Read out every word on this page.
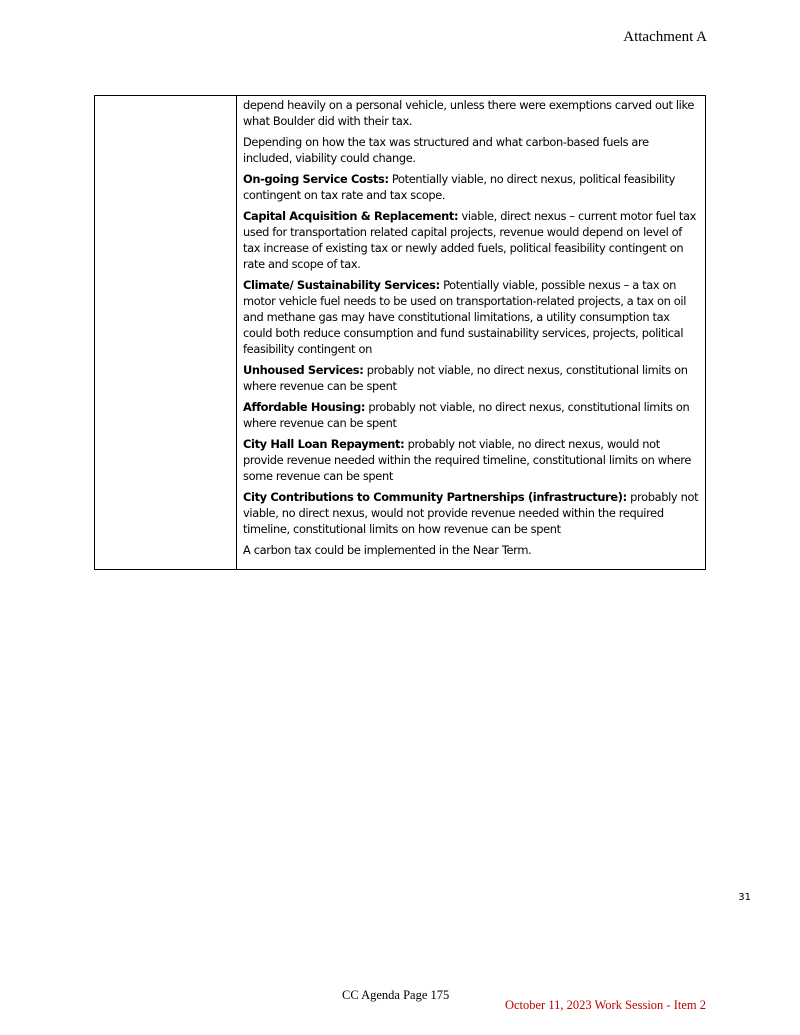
Attachment A

depend heavily on a personal vehicle, unless there were exemptions carved out like what Boulder did with their tax.

Depending on how the tax was structured and what carbon-based fuels are included, viability could change.

On-going Service Costs: Potentially viable, no direct nexus, political feasibility contingent on tax rate and tax scope.

Capital Acquisition & Replacement: viable, direct nexus – current motor fuel tax used for transportation related capital projects, revenue would depend on level of tax increase of existing tax or newly added fuels, political feasibility contingent on rate and scope of tax.

Climate/ Sustainability Services: Potentially viable, possible nexus – a tax on motor vehicle fuel needs to be used on transportation-related projects, a tax on oil and methane gas may have constitutional limitations, a utility consumption tax could both reduce consumption and fund sustainability services, projects, political feasibility contingent on

Unhoused Services: probably not viable, no direct nexus, constitutional limits on where revenue can be spent

Affordable Housing: probably not viable, no direct nexus, constitutional limits on where revenue can be spent

City Hall Loan Repayment: probably not viable, no direct nexus, would not provide revenue needed within the required timeline, constitutional limits on where some revenue can be spent

City Contributions to Community Partnerships (infrastructure): probably not viable, no direct nexus, would not provide revenue needed within the required timeline, constitutional limits on how revenue can be spent

A carbon tax could be implemented in the Near Term.

31
CC Agenda Page 175
October 11, 2023 Work Session - Item 2
